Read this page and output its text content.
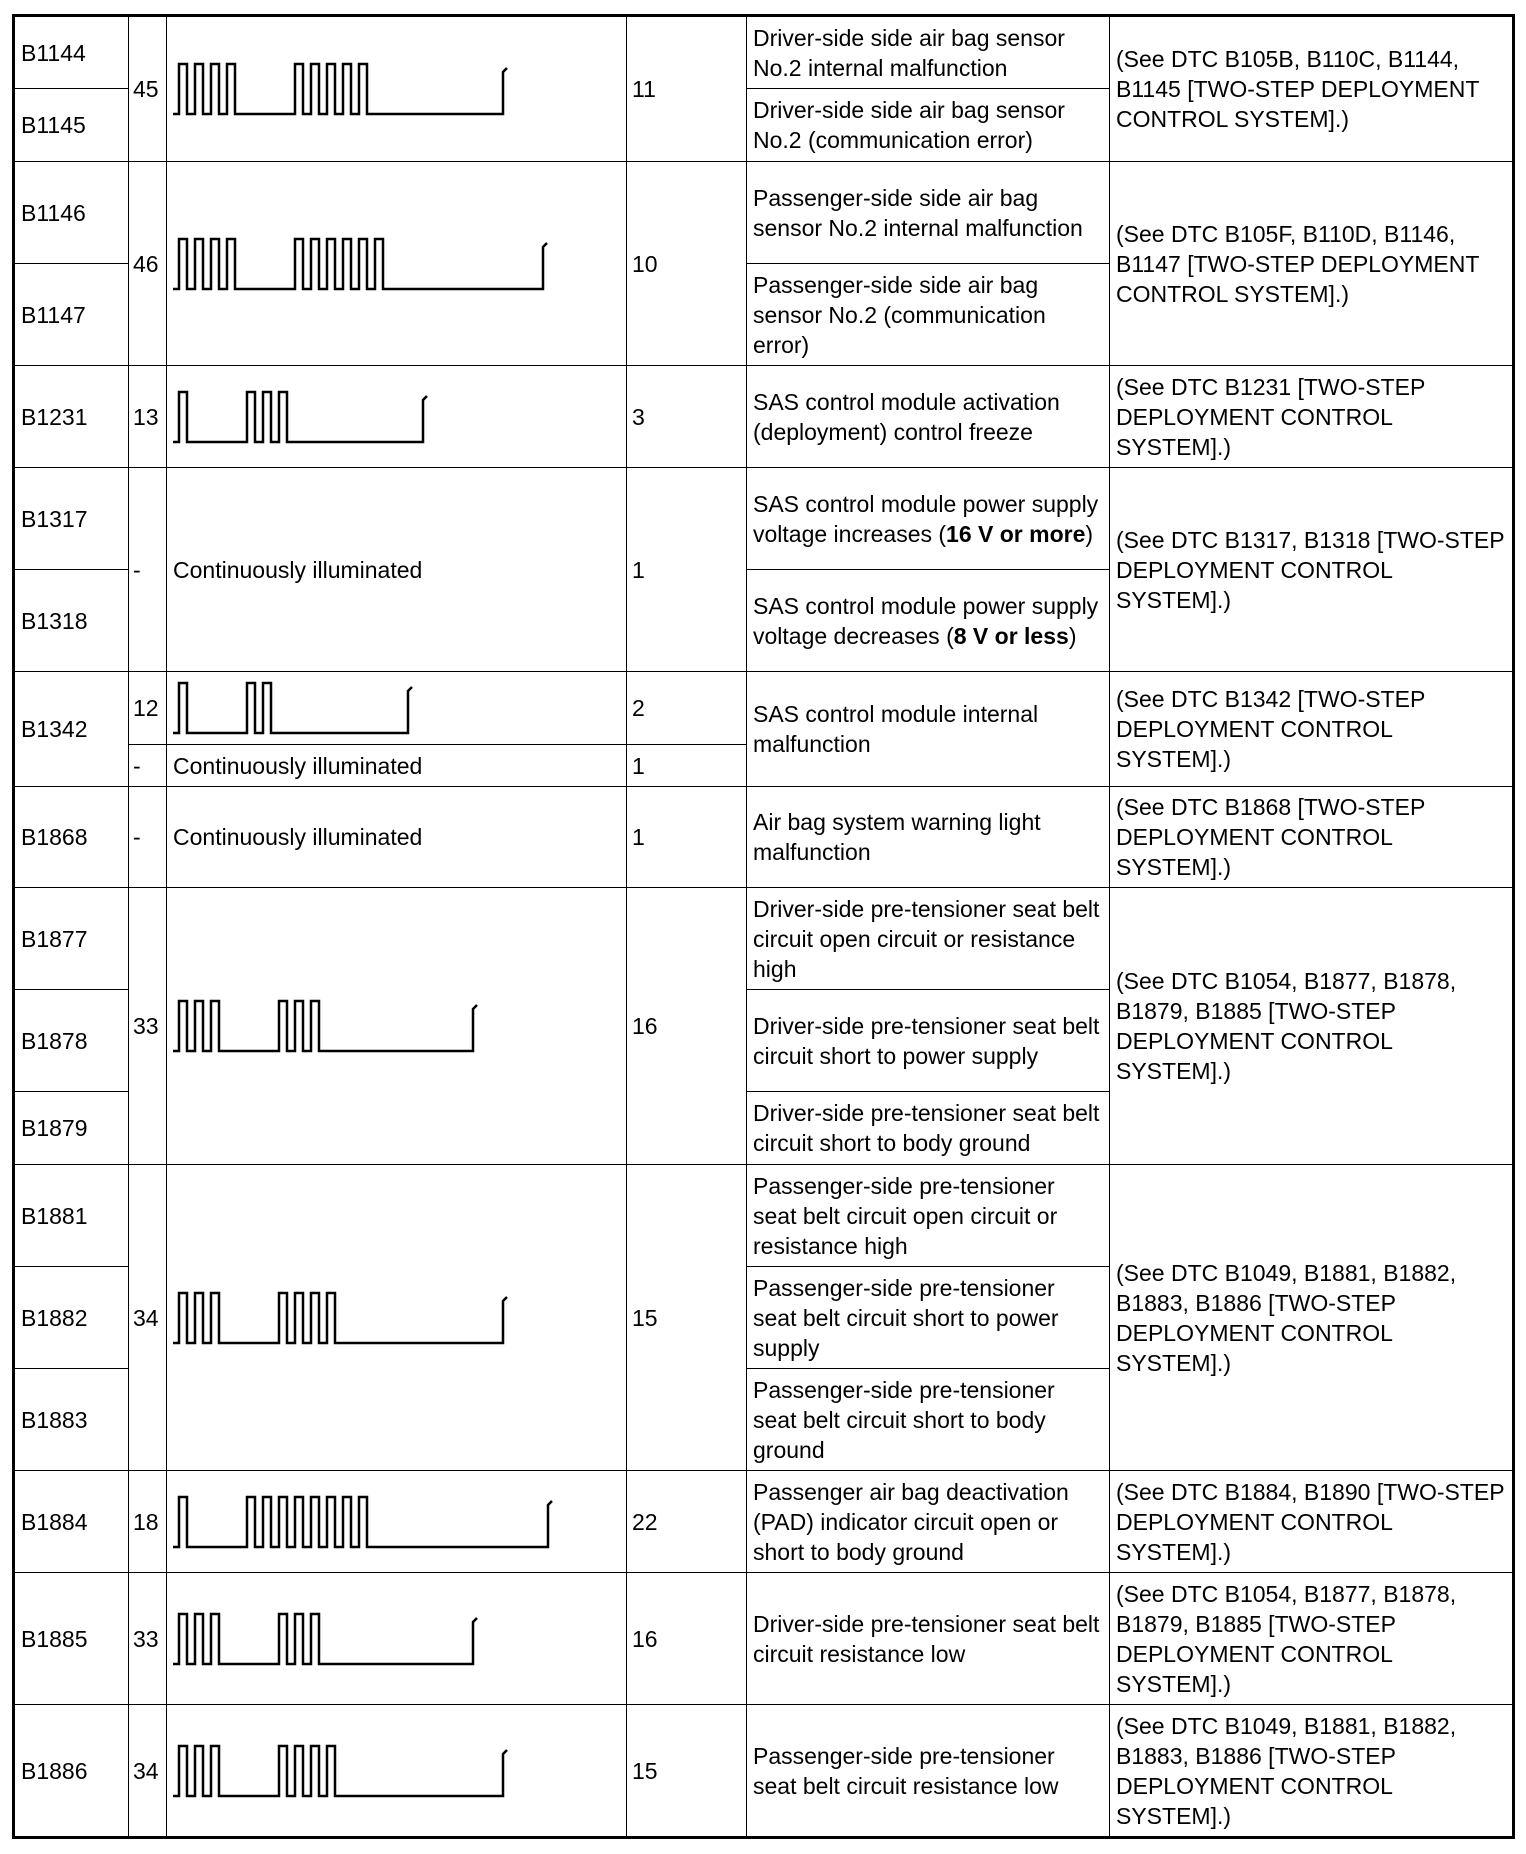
B1144	45		11	Driver-side side air bag sensor No.2 internal malfunction	(See DTC B105B, B110C, B1144, B1145 [TWO-STEP DEPLOYMENT CONTROL SYSTEM].)
B1145				Driver-side side air bag sensor No.2 (communication error)	
B1146	46		10	Passenger-side side air bag sensor No.2 internal malfunction	(See DTC B105F, B110D, B1146, B1147 [TWO-STEP DEPLOYMENT CONTROL SYSTEM].)
B1147				Passenger-side side air bag sensor No.2 (communication error)	
B1231	13		3	SAS control module activation (deployment) control freeze	(See DTC B1231 [TWO-STEP DEPLOYMENT CONTROL SYSTEM].)
B1317	-	Continuously illuminated	1	SAS control module power supply voltage increases (16 V or more)	(See DTC B1317, B1318 [TWO-STEP DEPLOYMENT CONTROL SYSTEM].)
B1318				SAS control module power supply voltage decreases (8 V or less)	
B1342	12		2	SAS control module internal malfunction	(See DTC B1342 [TWO-STEP DEPLOYMENT CONTROL SYSTEM].)
	-	Continuously illuminated	1		
B1868	-	Continuously illuminated	1	Air bag system warning light malfunction	(See DTC B1868 [TWO-STEP DEPLOYMENT CONTROL SYSTEM].)
B1877	33		16	Driver-side pre-tensioner seat belt circuit open circuit or resistance high	(See DTC B1054, B1877, B1878, B1879, B1885 [TWO-STEP DEPLOYMENT CONTROL SYSTEM].)
B1878				Driver-side pre-tensioner seat belt circuit short to power supply	
B1879				Driver-side pre-tensioner seat belt circuit short to body ground	
B1881	34		15	Passenger-side pre-tensioner seat belt circuit open circuit or resistance high	(See DTC B1049, B1881, B1882, B1883, B1886 [TWO-STEP DEPLOYMENT CONTROL SYSTEM].)
B1882				Passenger-side pre-tensioner seat belt circuit short to power supply	
B1883				Passenger-side pre-tensioner seat belt circuit short to body ground	
B1884	18		22	Passenger air bag deactivation (PAD) indicator circuit open or short to body ground	(See DTC B1884, B1890 [TWO-STEP DEPLOYMENT CONTROL SYSTEM].)
B1885	33		16	Driver-side pre-tensioner seat belt circuit resistance low	(See DTC B1054, B1877, B1878, B1879, B1885 [TWO-STEP DEPLOYMENT CONTROL SYSTEM].)
B1886	34		15	Passenger-side pre-tensioner seat belt circuit resistance low	(See DTC B1049, B1881, B1882, B1883, B1886 [TWO-STEP DEPLOYMENT CONTROL SYSTEM].)
